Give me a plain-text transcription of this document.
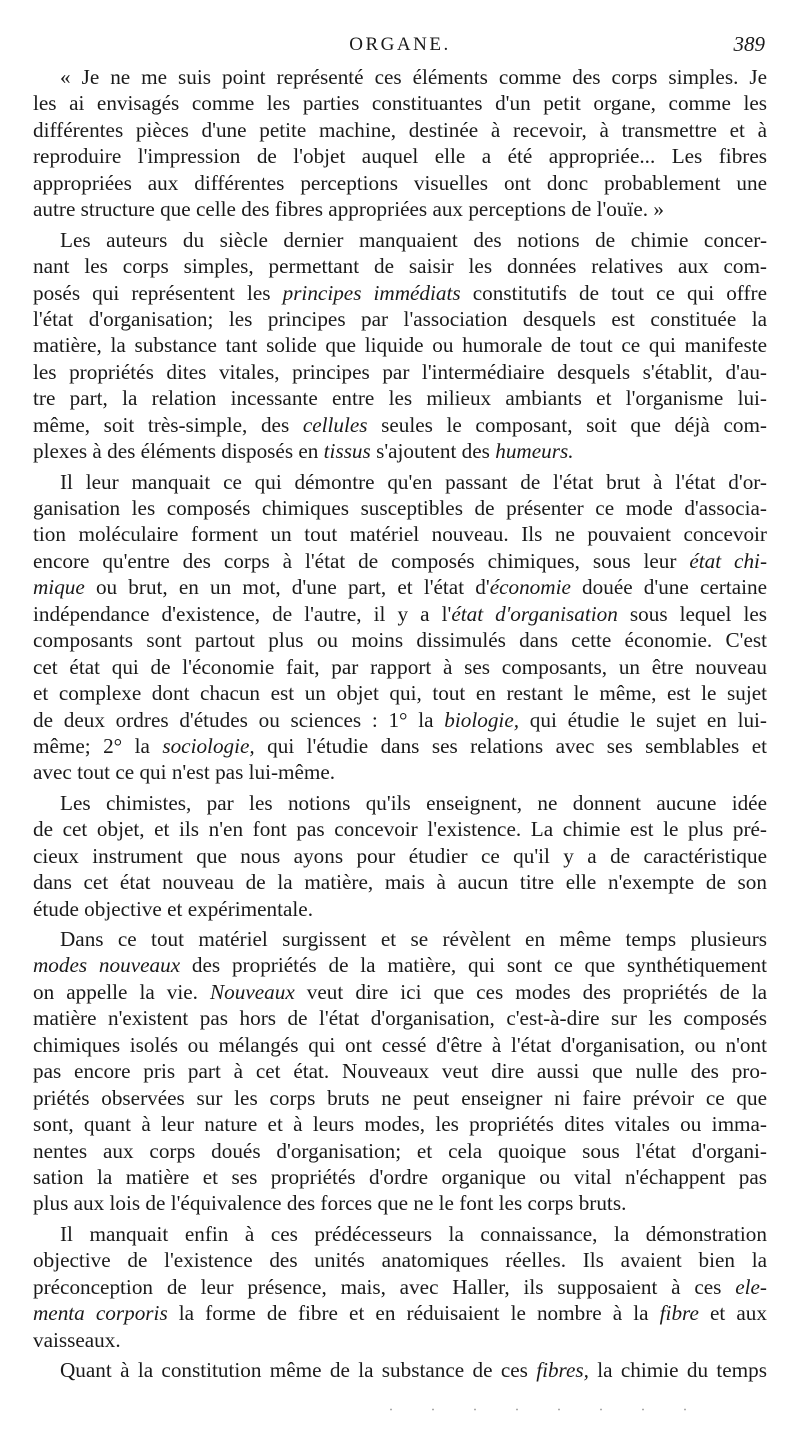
ORGANE.	389
« Je ne me suis point représenté ces éléments comme des corps simples. Je
les ai envisagés comme les parties constituantes d'un petit organe, comme les
différentes pièces d'une petite machine, destinée à recevoir, à transmettre et à
reproduire l'impression de l'objet auquel elle a été appropriée... Les fibres
appropriées aux différentes perceptions visuelles ont donc probablement une
autre structure que celle des fibres appropriées aux perceptions de l'ouïe. »
Les auteurs du siècle dernier manquaient des notions de chimie concer-
nant les corps simples, permettant de saisir les données relatives aux com-
posés qui représentent les principes immédiats constitutifs de tout ce qui offre
l'état d'organisation; les principes par l'association desquels est constituée la
matière, la substance tant solide que liquide ou humorale de tout ce qui manifeste
les propriétés dites vitales, principes par l'intermédiaire desquels s'établit, d'au-
tre part, la relation incessante entre les milieux ambiants et l'organisme lui-
même, soit très-simple, des cellules seules le composant, soit que déjà com-
plexes à des éléments disposés en tissus s'ajoutent des humeurs.
Il leur manquait ce qui démontre qu'en passant de l'état brut à l'état d'or-
ganisation les composés chimiques susceptibles de présenter ce mode d'associa-
tion moléculaire forment un tout matériel nouveau. Ils ne pouvaient concevoir
encore qu'entre des corps à l'état de composés chimiques, sous leur état chi-
mique ou brut, en un mot, d'une part, et l'état d'économie douée d'une certaine
indépendance d'existence, de l'autre, il y a l'état d'organisation sous lequel les
composants sont partout plus ou moins dissimulés dans cette économie. C'est
cet état qui de l'économie fait, par rapport à ses composants, un être nouveau
et complexe dont chacun est un objet qui, tout en restant le même, est le sujet
de deux ordres d'études ou sciences : 1° la biologie, qui étudie le sujet en lui-
même; 2° la sociologie, qui l'étudie dans ses relations avec ses semblables et
avec tout ce qui n'est pas lui-même.
Les chimistes, par les notions qu'ils enseignent, ne donnent aucune idée
de cet objet, et ils n'en font pas concevoir l'existence. La chimie est le plus pré-
cieux instrument que nous ayons pour étudier ce qu'il y a de caractéristique
dans cet état nouveau de la matière, mais à aucun titre elle n'exempte de son
étude objective et expérimentale.
Dans ce tout matériel surgissent et se révèlent en même temps plusieurs
modes nouveaux des propriétés de la matière, qui sont ce que synthétiquement
on appelle la vie. Nouveaux veut dire ici que ces modes des propriétés de la
matière n'existent pas hors de l'état d'organisation, c'est-à-dire sur les composés
chimiques isolés ou mélangés qui ont cessé d'être à l'état d'organisation, ou n'ont
pas encore pris part à cet état. Nouveaux veut dire aussi que nulle des pro-
priétés observées sur les corps bruts ne peut enseigner ni faire prévoir ce que
sont, quant à leur nature et à leurs modes, les propriétés dites vitales ou imma-
nentes aux corps doués d'organisation; et cela quoique sous l'état d'organi-
sation la matière et ses propriétés d'ordre organique ou vital n'échappent pas
plus aux lois de l'équivalence des forces que ne le font les corps bruts.
Il manquait enfin à ces prédécesseurs la connaissance, la démonstration
objective de l'existence des unités anatomiques réelles. Ils avaient bien la
préconception de leur présence, mais, avec Haller, ils supposaient à ces ele-
menta corporis la forme de fibre et en réduisaient le nombre à la fibre et aux
vaisseaux.
Quant à la constitution même de la substance de ces fibres, la chimie du temps
